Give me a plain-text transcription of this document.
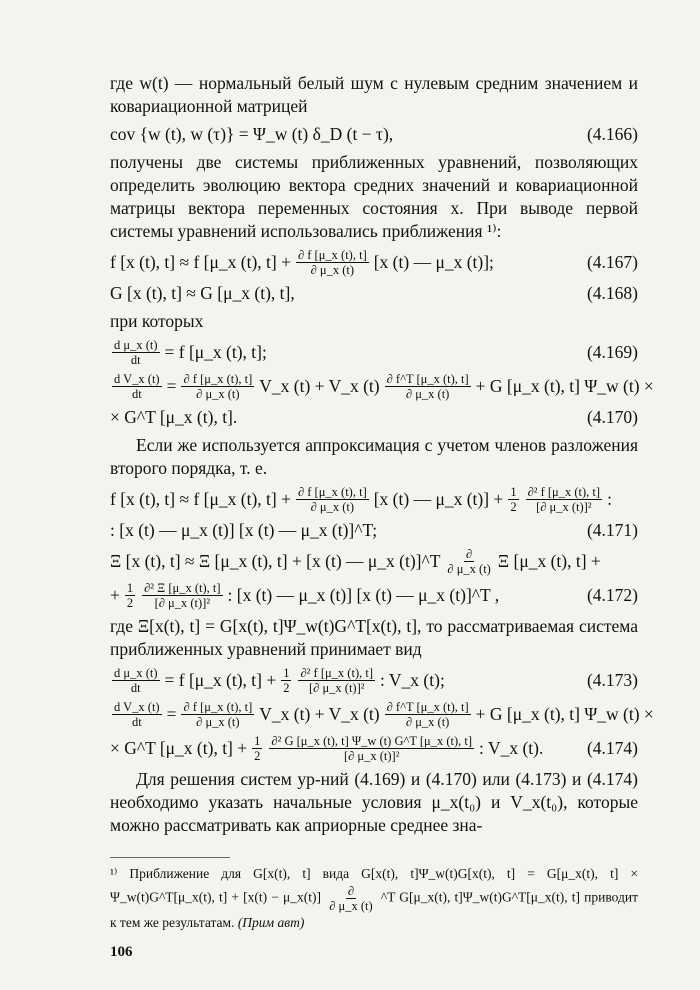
где w(t) — нормальный белый шум с нулевым средним значением и ковариационной матрицей

cov {w (t), w (τ)} = Ψ_w (t) δ_D (t − τ),	(4.166)

получены две системы приближенных уравнений, позволяющих определить эволюцию вектора средних значений и ковариационной матрицы вектора переменных состояния x. При выводе первой системы уравнений использовались приближения ¹⁾:

f [x (t), t] ≈ f [μ_x (t), $t] + \frac{\partial f [\mu\_x (t), t]}{\partial \mu\_x (t)} [x$ (t) — μ_x (t)];	(4.167)
G [x (t), t] ≈ G [μ_x (t), t],	(4.168)

при которых

$\frac{\text{d μ\_x (t)}}{dt} = f$ [μ_x (t), t];	(4.169)
$\frac{\text{d V\_x (t)}}{dt} = \frac{\partial f [\mu\_x (t), t]}{\partial \mu\_x (t)}$ V_x (t) + V_x $(t) \frac{\partial f\^{}T [\mu\_x (t), t]}{\partial \mu\_x (t)} + G$ [μ_x (t), t] Ψ_w (t) ×
× G^T [μ_x (t), t].	(4.170)

Если же используется аппроксимация с учетом членов разложения второго порядка, т. е.

f [x (t), t] ≈ f [μ_x (t), $t] + \frac{\partial f [\mu\_x (t), t]}{\partial \mu\_x (t)} [x$ (t) — μ_x $(t)] + \frac{1}{2} \frac{\text{∂² f [μ\_x (t), t]}}{\text{[∂ μ\_x (t)]²}}$ :
: [x (t) — μ_x (t)] [x (t) — μ_x (t)]^T;	(4.171)
Ξ [x (t), t] ≈ Ξ [μ_x (t), t] + [x (t) — μ_x (t)]^T $\frac{\partial}{\partial \mu\_x (t)}$ Ξ [μ_x (t), t] +
+ $\frac{1}{2} \frac{\text{∂² Ξ [μ\_x (t), t]}}{\text{[∂ μ\_x (t)]²}}$ : [x (t) — μ_x (t)] [x (t) — μ_x (t)]^T ,	(4.172)

где Ξ[x(t), t] = G[x(t), t]Ψ_w(t)G^T[x(t), t], то рассматриваемая система приближенных уравнений принимает вид

$\frac{\text{d μ\_x (t)}}{dt} = f$ [μ_x (t), $t] + \frac{1}{2} \frac{\text{∂² f [μ\_x (t), t]}}{\text{[∂ μ\_x (t)]²}}$ : V_x (t);	(4.173)
$\frac{\text{d V\_x (t)}}{dt} = \frac{\partial f [\mu\_x (t), t]}{\partial \mu\_x (t)}$ V_x (t) + V_x $(t) \frac{\partial f\^{}T [\mu\_x (t), t]}{\partial \mu\_x (t)} + G$ [μ_x (t), t] Ψ_w (t) ×
× G^T [μ_x (t), $t] + \frac{1}{2} \frac{\text{∂² G [μ\_x (t), t] Ψ\_w (t) G\textasciicircum{}T [μ\_x (t), t]}}{\text{[∂ μ\_x (t)]²}}$ : V_x (t). (4.174)

Для решения систем ур-ний (4.169) и (4.170) или (4.173) и (4.174) необходимо указать начальные условия μ_x(t₀) и V_x(t₀), которые можно рассматривать как априорные среднее зна-

¹⁾ Приближение для G[x(t), t] вида G[x(t), t]Ψ_w(t)G[x(t), t] = G[μ_x(t), t] × Ψ_w(t)G^T[μ_x(t), t] + [x(t) − μ_x(t)] $\frac{\partial}{\partial \mu\_x (t)}$ ^T G[μ_x(t), t]Ψ_w(t)G^T[μ_x(t), t] приводит к тем же результатам. (Прим авт)
106
